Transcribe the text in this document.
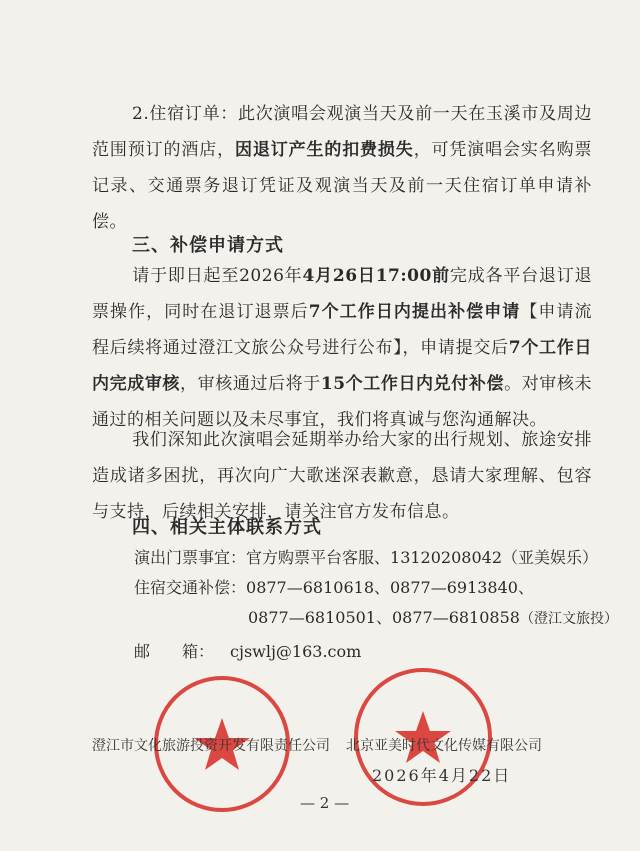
2.住宿订单：此次演唱会观演当天及前一天在玉溪市及周边范围预订的酒店，因退订产生的扣费损失，可凭演唱会实名购票记录、交通票务退订凭证及观演当天及前一天住宿订单申请补偿。

三、补偿申请方式

请于即日起至2026年4月26日17:00前完成各平台退订退票操作，同时在退订退票后7个工作日内提出补偿申请【申请流程后续将通过澄江文旅公众号进行公布】，申请提交后7个工作日内完成审核，审核通过后将于15个工作日内兑付补偿。对审核未通过的相关问题以及未尽事宜，我们将真诚与您沟通解决。

我们深知此次演唱会延期举办给大家的出行规划、旅途安排造成诸多困扰，再次向广大歌迷深表歉意，恳请大家理解、包容与支持，后续相关安排，请关注官方发布信息。

四、相关主体联系方式
演出门票事宜：官方购票平台客服、13120208042（亚美娱乐）
住宿交通补偿：0877—6810618、0877—6913840、
0877—6810501、0877—6810858（澄江文旅投）
邮　　箱： cjswlj@163.com
澄江市文化旅游投资开发有限责任公司 北京亚美时代文化传媒有限公司
2026年4月22日
— 2 —
